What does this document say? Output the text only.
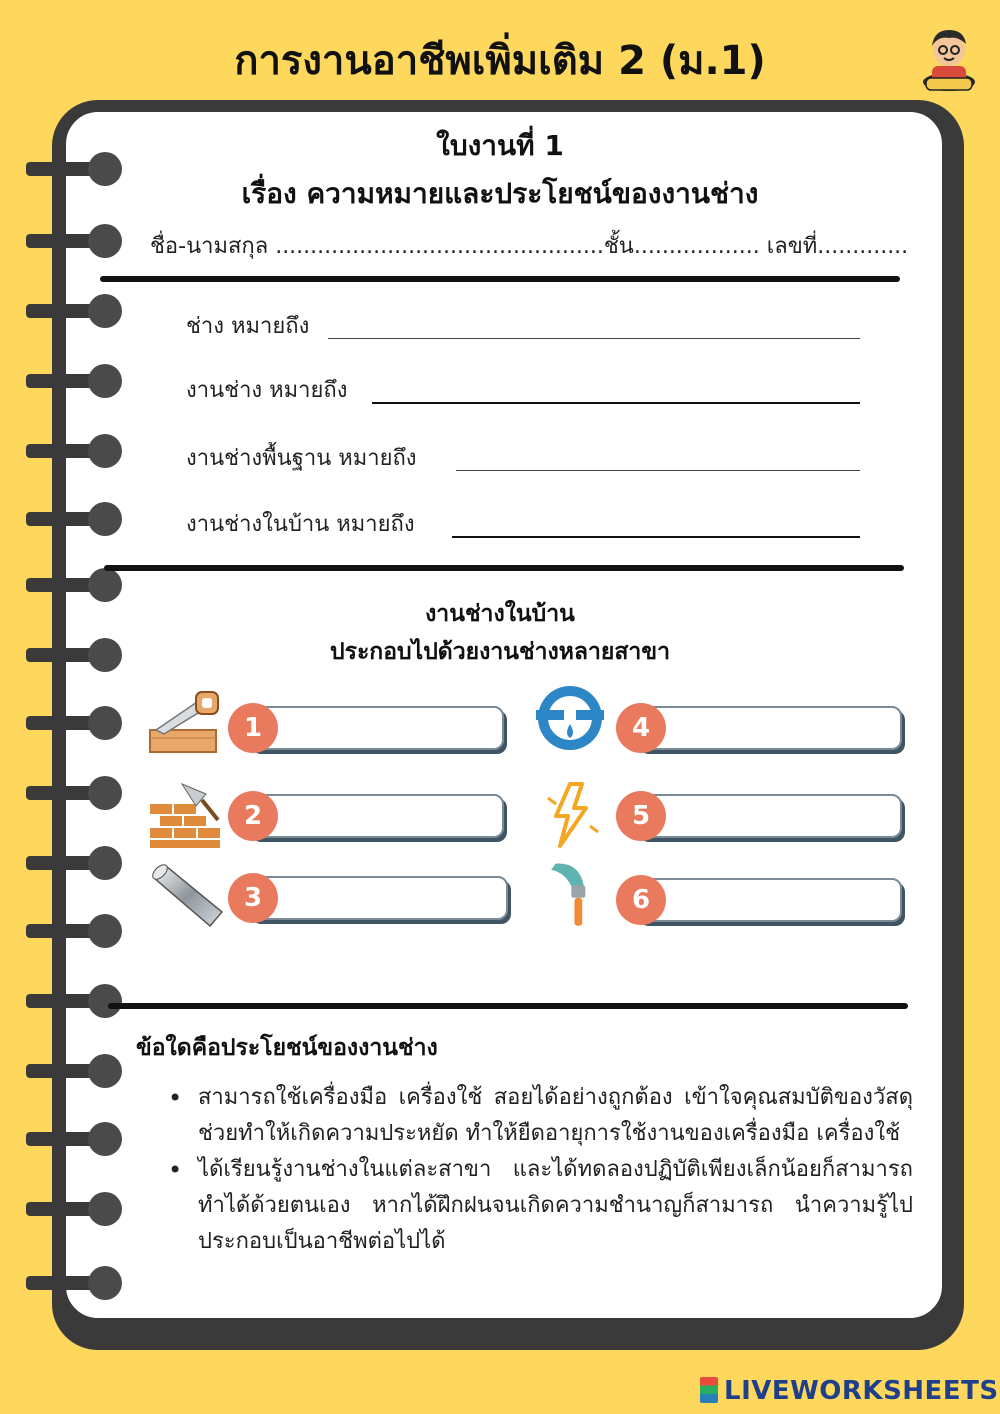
การงานอาชีพเพิ่มเติม 2 (ม.1)
ใบงานที่ 1
เรื่อง ความหมายและประโยชน์ของงานช่าง
ชื่อ-นามสกุล ...............................................ชั้น.................. เลขที่.............
ช่าง หมายถึง
งานช่าง หมายถึง
งานช่างพื้นฐาน หมายถึง
งานช่างในบ้าน หมายถึง
งานช่างในบ้าน
ประกอบไปด้วยงานช่างหลายสาขา
1
2
3
4
5
6
ข้อใดคือประโยชน์ของงานช่าง
• สามารถใช้เครื่องมือ เครื่องใช้ สอยได้อย่างถูกต้อง เข้าใจคุณสมบัติของวัสดุ ช่วยทำให้เกิดความประหยัด ทำให้ยืดอายุการใช้งานของเครื่องมือ เครื่องใช้
• ได้เรียนรู้งานช่างในแต่ละสาขา และได้ทดลองปฏิบัติเพียงเล็กน้อยก็สามารถทำได้ด้วยตนเอง หากได้ฝึกฝนจนเกิดความชำนาญก็สามารถ นำความรู้ไปประกอบเป็นอาชีพต่อไปได้
LIVEWORKSHEETS
